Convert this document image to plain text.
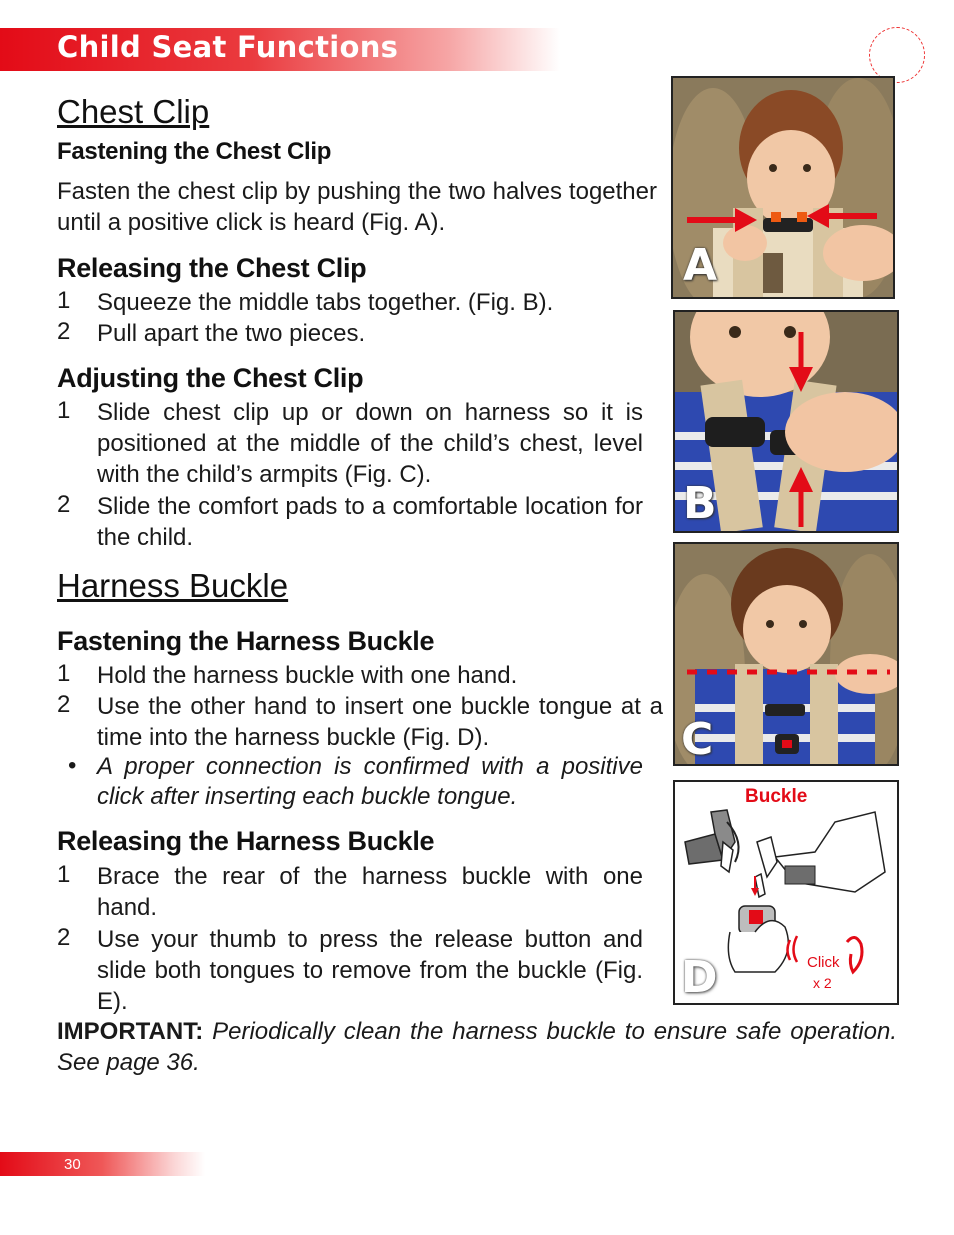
Child Seat Functions
Chest Clip
Fastening the Chest Clip
Fasten the chest clip by pushing the two halves together until a positive click is heard (Fig. A).
Releasing the Chest Clip
1 Squeeze the middle tabs together. (Fig. B).
2 Pull apart the two pieces.
Adjusting the Chest Clip
1 Slide chest clip up or down on harness so it is positioned at the middle of the child’s chest, level with the child’s armpits (Fig. C).
2 Slide the comfort pads to a comfortable location for the child.
Harness Buckle
Fastening the Harness Buckle
1 Hold the harness buckle with one hand.
2 Use the other hand to insert one buckle tongue at a time into the harness buckle (Fig. D).
• A proper connection is confirmed with a positive click after inserting each buckle tongue.
Releasing the Harness Buckle
1 Brace the rear of the harness buckle with one hand.
2 Use your thumb to press the release button and slide both tongues to remove from the buckle (Fig. E).
IMPORTANT: Periodically clean the harness buckle to ensure safe operation. See page 36.
A
B
C
Buckle
Click
x 2
D
30
